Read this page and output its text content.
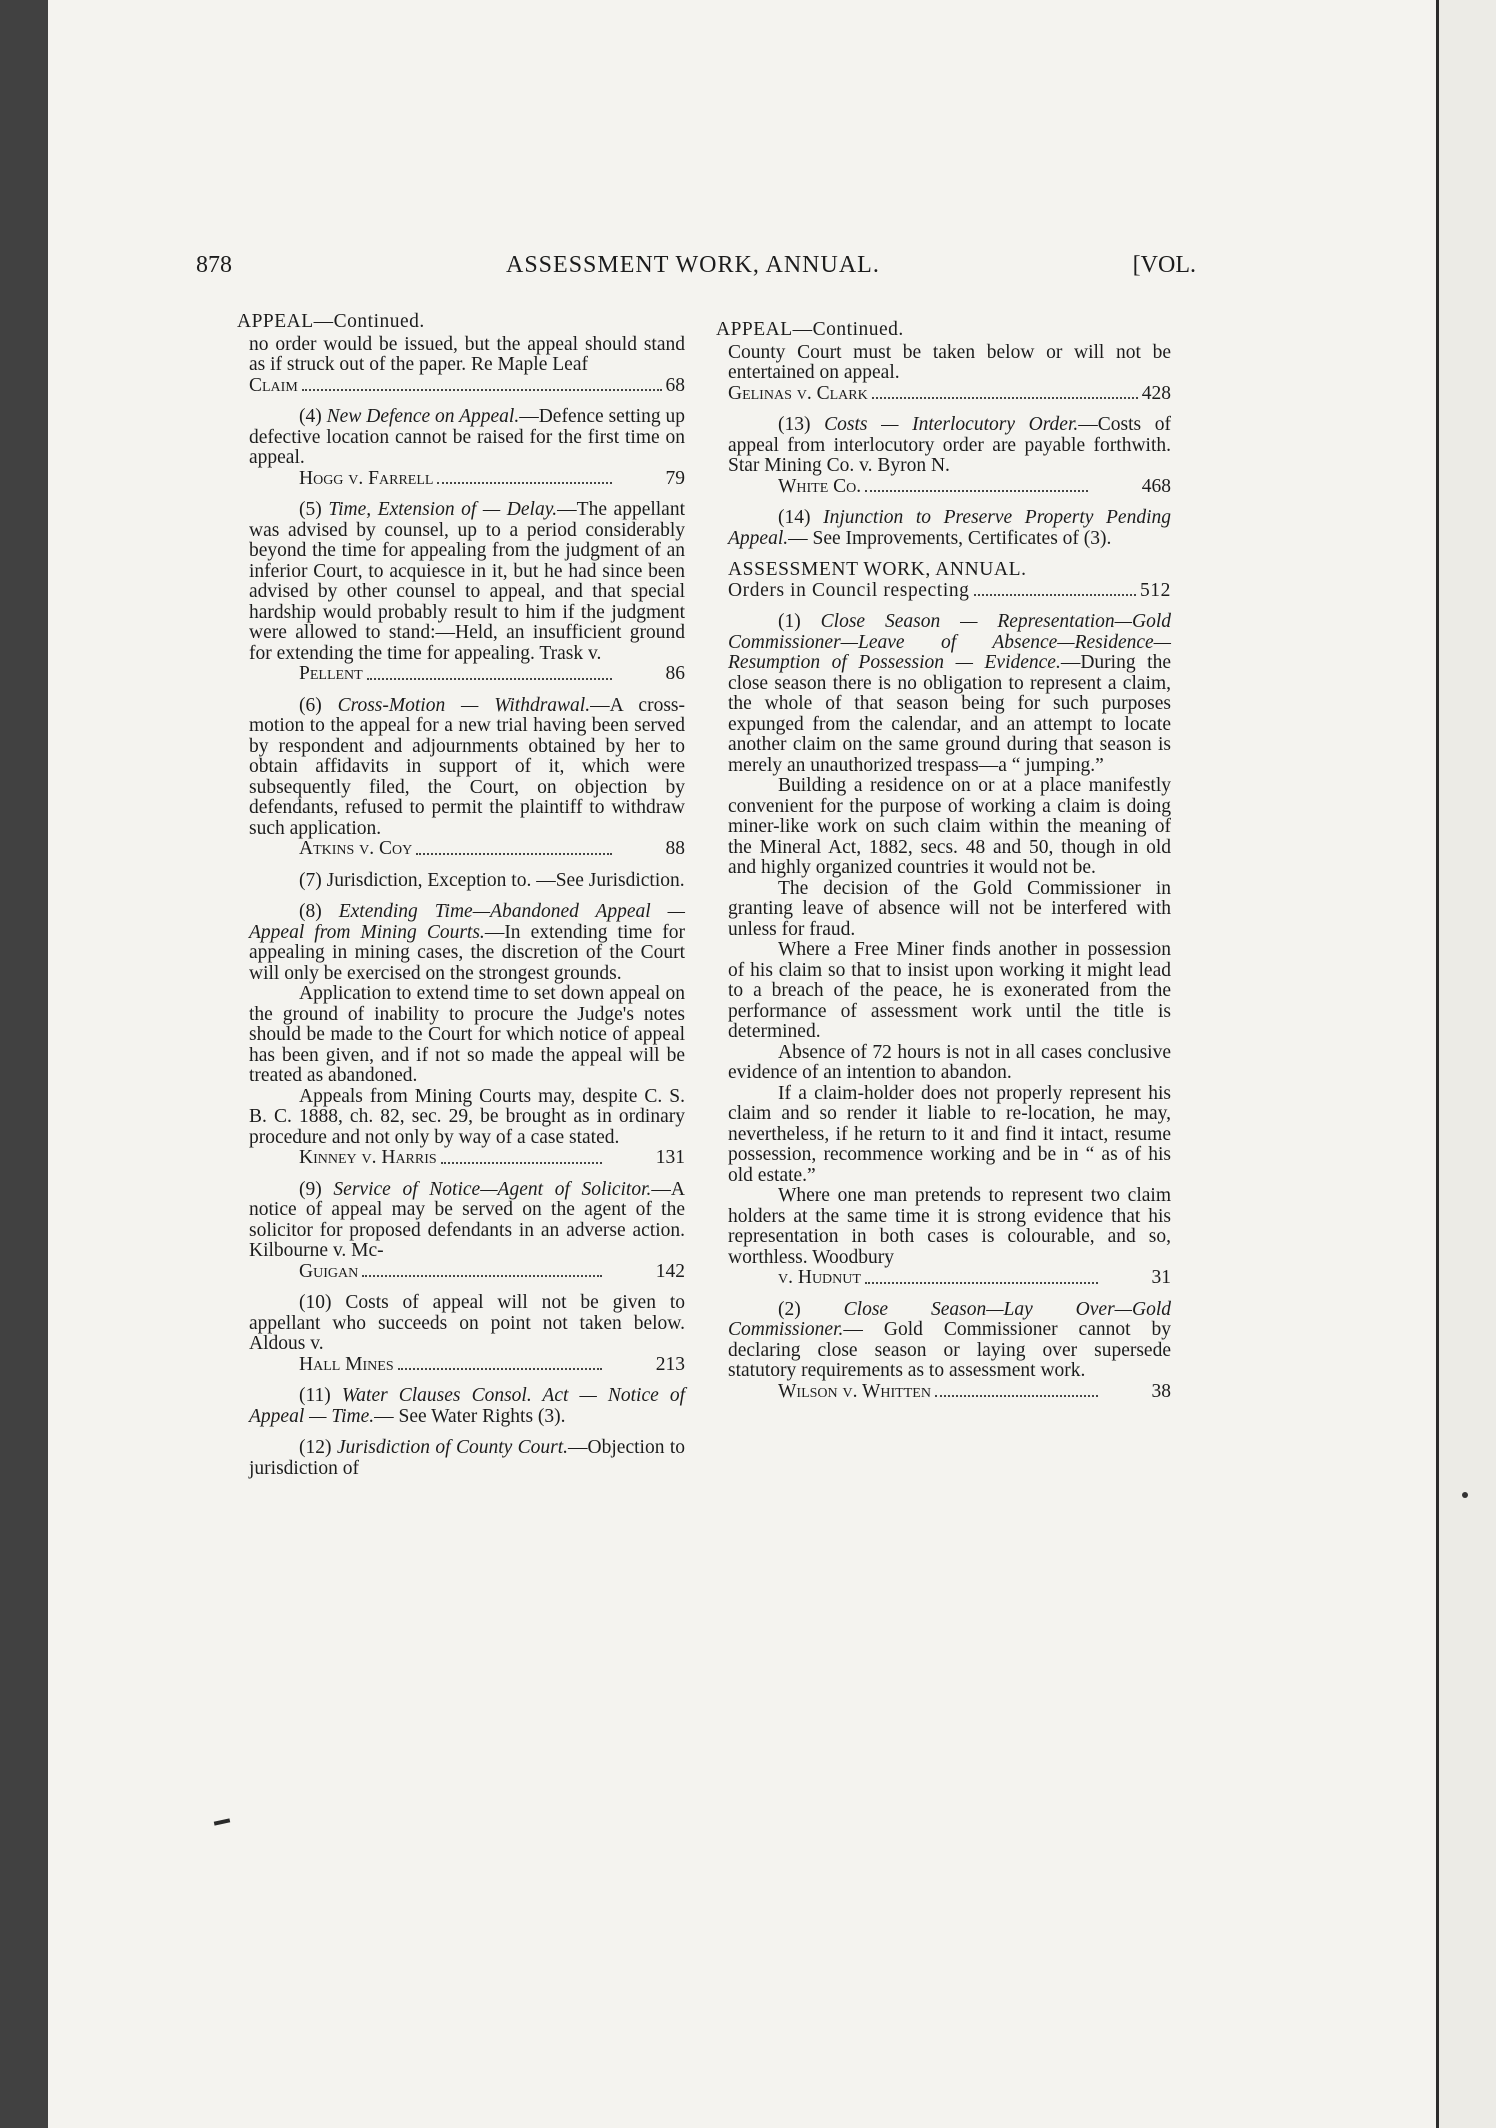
878	ASSESSMENT WORK, ANNUAL.	[VOL.
APPEAL—Continued.

no order would be issued, but the appeal should stand as if struck out of the paper. Re Maple Leaf
Claim	68

(4) New Defence on Appeal.—Defence setting up defective location cannot be raised for the first time on appeal.
Hogg v. Farrell	79

(5) Time, Extension of — Delay.—The appellant was advised by counsel, up to a period considerably beyond the time for appealing from the judgment of an inferior Court, to acquiesce in it, but he had since been advised by other counsel to appeal, and that special hardship would probably result to him if the judgment were allowed to stand:—Held, an insufficient ground for extending the time for appealing. Trask v.
Pellent	86

(6) Cross-Motion — Withdrawal.—A cross-motion to the appeal for a new trial having been served by respondent and adjournments obtained by her to obtain affidavits in support of it, which were subsequently filed, the Court, on objection by defendants, refused to permit the plaintiff to withdraw such application.
Atkins v. Coy	88

(7) Jurisdiction, Exception to. —See Jurisdiction.

(8) Extending Time—Abandoned Appeal — Appeal from Mining Courts.—In extending time for appealing in mining cases, the discretion of the Court will only be exercised on the strongest grounds.

Application to extend time to set down appeal on the ground of inability to procure the Judge's notes should be made to the Court for which notice of appeal has been given, and if not so made the appeal will be treated as abandoned.

Appeals from Mining Courts may, despite C. S. B. C. 1888, ch. 82, sec. 29, be brought as in ordinary procedure and not only by way of a case stated.
Kinney v. Harris	131

(9) Service of Notice—Agent of Solicitor.—A notice of appeal may be served on the agent of the solicitor for proposed defendants in an adverse action. Kilbourne v. Mc-
Guigan	142

(10) Costs of appeal will not be given to appellant who succeeds on point not taken below. Aldous v.
Hall Mines	213

(11) Water Clauses Consol. Act — Notice of Appeal — Time.— See Water Rights (3).

(12) Jurisdiction of County Court.—Objection to jurisdiction of

APPEAL—Continued.

County Court must be taken below or will not be entertained on appeal.
Gelinas v. Clark	428

(13) Costs — Interlocutory Order.—Costs of appeal from interlocutory order are payable forthwith. Star Mining Co. v. Byron N.
White Co.	468

(14) Injunction to Preserve Property Pending Appeal.— See Improvements, Certificates of (3).

ASSESSMENT WORK, ANNUAL.
Orders in Council respecting	512

(1) Close Season — Representation—Gold Commissioner—Leave of Absence—Residence—Resumption of Possession — Evidence.—During the close season there is no obligation to represent a claim, the whole of that season being for such purposes expunged from the calendar, and an attempt to locate another claim on the same ground during that season is merely an unauthorized trespass—a “ jumping.”

Building a residence on or at a place manifestly convenient for the purpose of working a claim is doing miner-like work on such claim within the meaning of the Mineral Act, 1882, secs. 48 and 50, though in old and highly organized countries it would not be.

The decision of the Gold Commissioner in granting leave of absence will not be interfered with unless for fraud.

Where a Free Miner finds another in possession of his claim so that to insist upon working it might lead to a breach of the peace, he is exonerated from the performance of assessment work until the title is determined.

Absence of 72 hours is not in all cases conclusive evidence of an intention to abandon.

If a claim-holder does not properly represent his claim and so render it liable to re-location, he may, nevertheless, if he return to it and find it intact, resume possession, recommence working and be in “ as of his old estate.”

Where one man pretends to represent two claim holders at the same time it is strong evidence that his representation in both cases is colourable, and so, worthless. Woodbury
v. Hudnut	31

(2) Close Season—Lay Over—Gold Commissioner.— Gold Commissioner cannot by declaring close season or laying over supersede statutory requirements as to assessment work.
Wilson v. Whitten	38
